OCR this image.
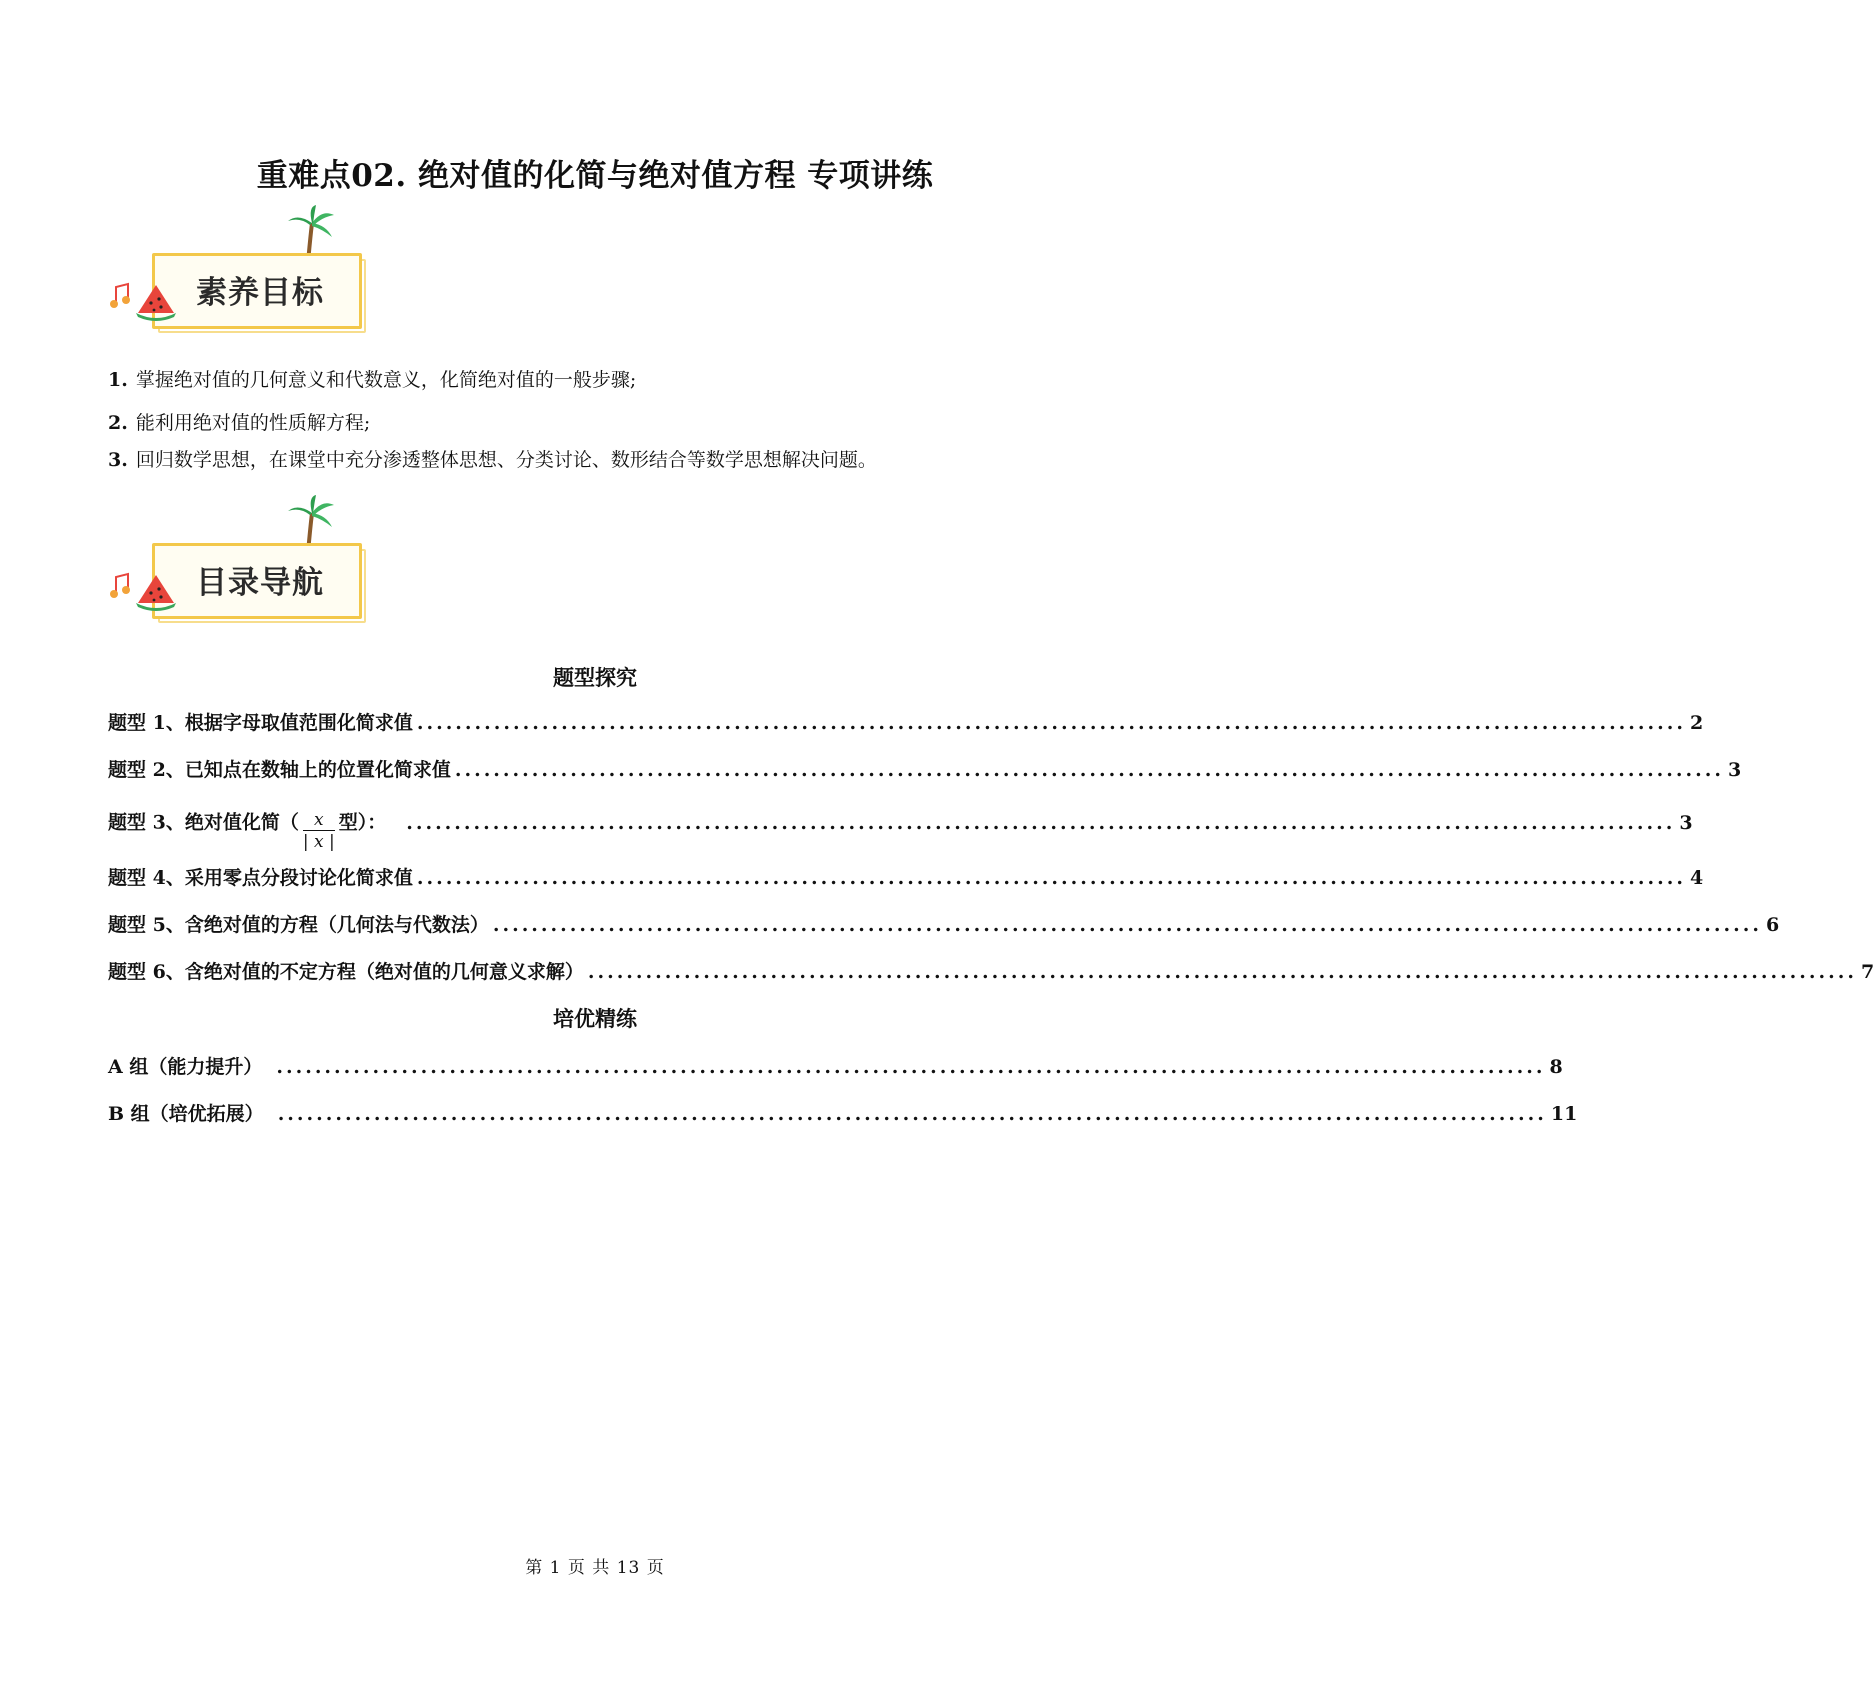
重难点02. 绝对值的化简与绝对值方程 专项讲练
素养目标
1. 掌握绝对值的几何意义和代数意义，化简绝对值的一般步骤;
2. 能利用绝对值的性质解方程;
3. 回归数学思想，在课堂中充分渗透整体思想、分类讨论、数形结合等数学思想解决问题。
目录导航
题型探究
题型 1、根据字母取值范围化简求值 .................................................................................................................................... 2
题型 2、已知点在数轴上的位置化简求值 .................................................................................................................................... 3
题型 3、绝对值化简（ $\frac{x}{| x |}$ 型）： .................................................................................................................................... 3
题型 4、采用零点分段讨论化简求值 .................................................................................................................................... 4
题型 5、含绝对值的方程（几何法与代数法） .................................................................................................................................... 6
题型 6、含绝对值的不定方程（绝对值的几何意义求解） .................................................................................................................................... 7
培优精练
A 组（能力提升） .................................................................................................................................... 8
B 组（培优拓展） .................................................................................................................................... 11
第 1 页 共 13 页
